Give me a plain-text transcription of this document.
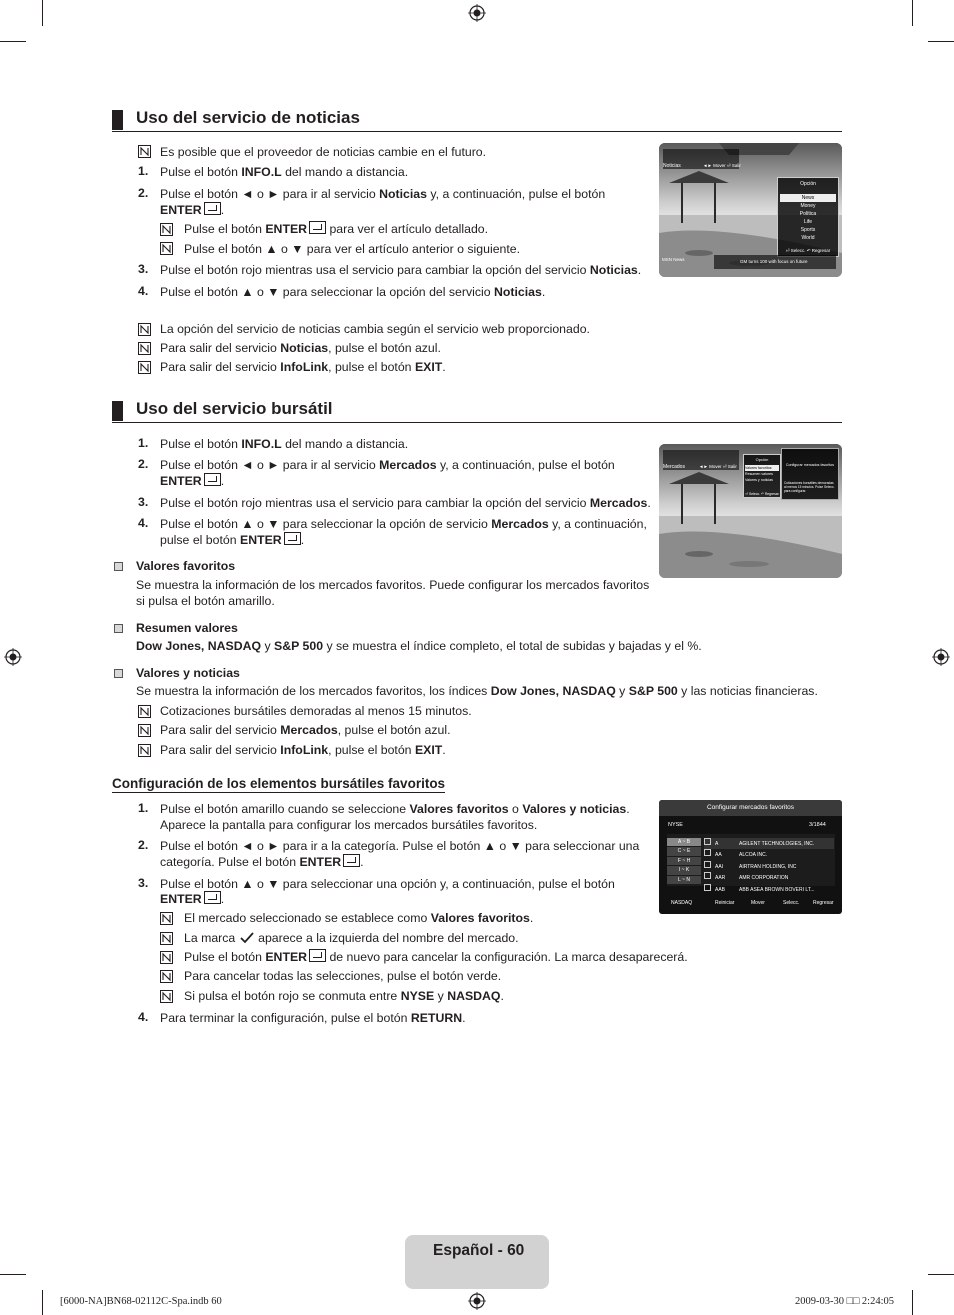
Uso del servicio de noticias
Es posible que el proveedor de noticias cambie en el futuro.
1. Pulse el botón INFO.L del mando a distancia.
2. Pulse el botón ◄ o ► para ir al servicio Noticias y, a continuación, pulse el botón
ENTER .
Pulse el botón ENTER para ver el artículo detallado.
Pulse el botón ▲ o ▼ para ver el artículo anterior o siguiente.
3. Pulse el botón rojo mientras usa el servicio para cambiar la opción del servicio Noticias.
4. Pulse el botón ▲ o ▼ para seleccionar la opción del servicio Noticias.
La opción del servicio de noticias cambia según el servicio web proporcionado.
Para salir del servicio Noticias, pulse el botón azul.
Para salir del servicio InfoLink, pulse el botón EXIT.
Noticias	◄► Mover ⏎ Salir
Opción
News
Money
Política
Life
Sports
World
⏎ Selecc. ↶ Regresar
MSN News	GM turns 100 with focus on future
Uso del servicio bursátil
1. Pulse el botón INFO.L del mando a distancia.
2. Pulse el botón ◄ o ► para ir al servicio Mercados y, a continuación, pulse el botón
ENTER .
3. Pulse el botón rojo mientras usa el servicio para cambiar la opción del servicio Mercados.
4. Pulse el botón ▲ o ▼ para seleccionar la opción de servicio Mercados y, a continuación,
pulse el botón ENTER .
Valores favoritos
Se muestra la información de los mercados favoritos. Puede configurar los mercados favoritos
si pulsa el botón amarillo.
Resumen valores
Dow Jones, NASDAQ y S&P 500 y se muestra el índice completo, el total de subidas y bajadas y el %.
Valores y noticias
Se muestra la información de los mercados favoritos, los índices Dow Jones, NASDAQ y S&P 500 y las noticias financieras.
Cotizaciones bursátiles demoradas al menos 15 minutos.
Para salir del servicio Mercados, pulse el botón azul.
Para salir del servicio InfoLink, pulse el botón EXIT.
Mercados	◄► Mover ⏎ Salir
Opción
Valores favoritos
Resumen valores
Valores y noticias
⏎ Selecc. ↶ Regresar
Configurar mercados favoritos
Cotizaciones bursátiles demoradas al menos 15 minutos. Pulse Selecc. para configurar.
Configuración de los elementos bursátiles favoritos
1. Pulse el botón amarillo cuando se seleccione Valores favoritos o Valores y noticias.
Aparece la pantalla para configurar los mercados bursátiles favoritos.
2. Pulse el botón ◄ o ► para ir a la categoría. Pulse el botón ▲ o ▼ para seleccionar una
categoría. Pulse el botón ENTER .
3. Pulse el botón ▲ o ▼ para seleccionar una opción y, a continuación, pulse el botón
ENTER .
El mercado seleccionado se establece como Valores favoritos.
La marca aparece a la izquierda del nombre del mercado.
Pulse el botón ENTER de nuevo para cancelar la configuración. La marca desaparecerá.
Para cancelar todas las selecciones, pulse el botón verde.
Si pulsa el botón rojo se conmuta entre NYSE y NASDAQ.
4. Para terminar la configuración, pulse el botón RETURN.
Configurar mercados favoritos
NYSE	3/1844
A ~ B
C ~ E
F ~ H
I ~ K
L ~ N
A	AGILENT TECHNOLOGIES, INC.
AA	ALCOA INC.
AAI	AIRTRAN HOLDING, INC
AAR	AMR CORPORATION
AAB	ABB ASEA BROWN BOVERI LT...
NASDAQ	Reiniciar	Mover	Selecc.	Regresar
Español - 60
[6000-NA]BN68-02112C-Spa.indb 60	2009-03-30 □□ 2:24:05
